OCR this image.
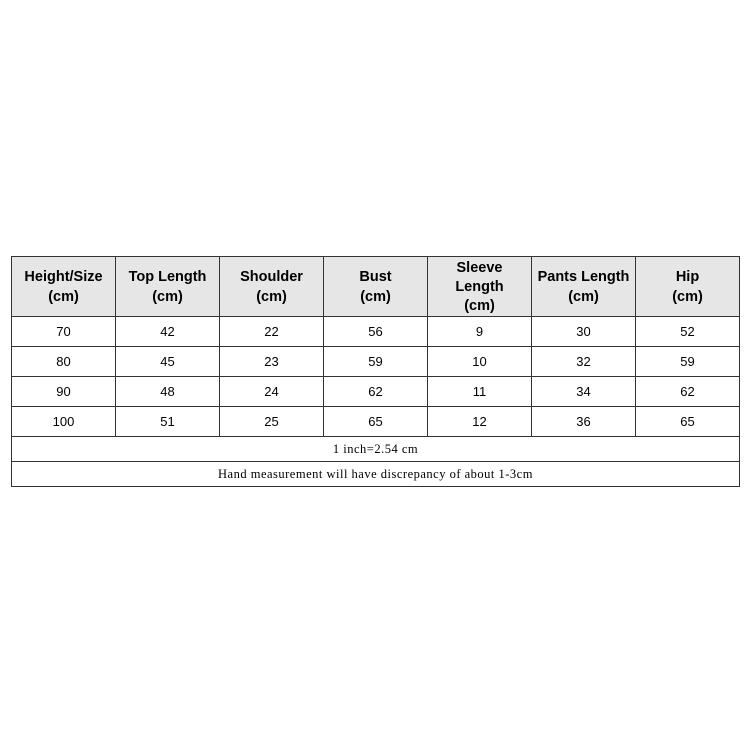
Height/Size
(cm)	Top Length
(cm)	Shoulder
(cm)	Bust
(cm)	Sleeve
Length
(cm)	Pants Length
(cm)	Hip
(cm)

70	42	22	56	9	30	52
80	45	23	59	10	32	59
90	48	24	62	11	34	62
100	51	25	65	12	36	65
1 inch=2.54 cm						
Hand measurement will have discrepancy of about 1-3cm						
